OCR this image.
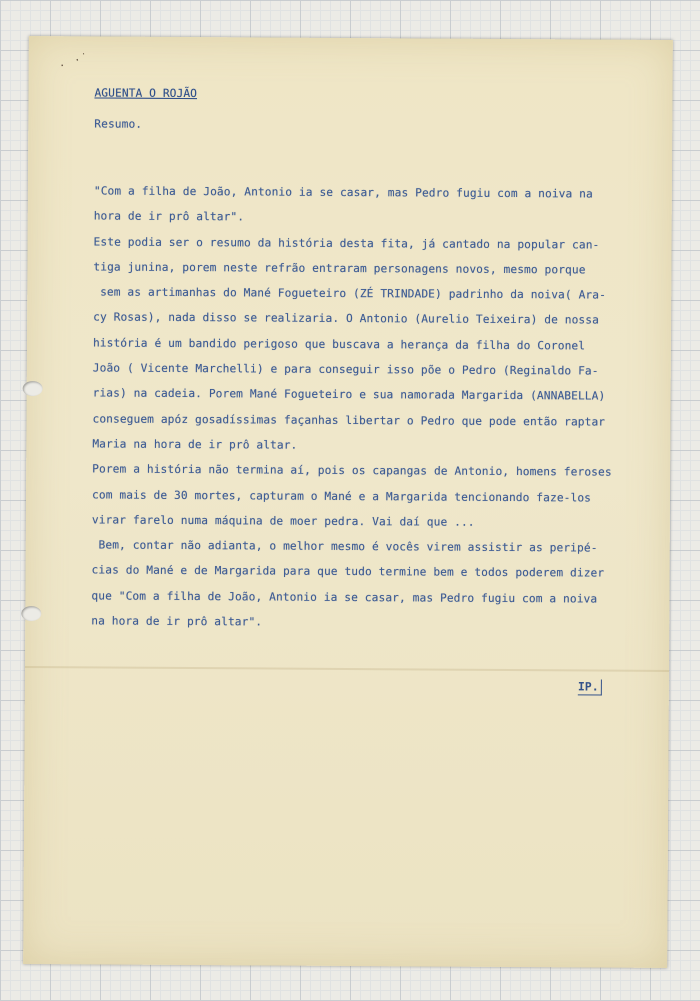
· ·˙
AGUENTA O ROJÃO
Resumo.
"Com a filha de João, Antonio ia se casar, mas Pedro fugiu com a noiva na
hora de ir prô altar".
Este podia ser o resumo da história desta fita, já cantado na popular can-
tiga junina, porem neste refrão entraram personagens novos, mesmo porque
sem as artimanhas do Mané Fogueteiro (ZÉ TRINDADE) padrinho da noiva( Ara-
cy Rosas), nada disso se realizaria. O Antonio (Aurelio Teixeira) de nossa
história é um bandido perigoso que buscava a herança da filha do Coronel
João ( Vicente Marchelli) e para conseguir isso põe o Pedro (Reginaldo Fa-
rias) na cadeia. Porem Mané Fogueteiro e sua namorada Margarida (ANNABELLA)
conseguem apóz gosadíssimas façanhas libertar o Pedro que pode então raptar
Maria na hora de ir prô altar.
Porem a história não termina aí, pois os capangas de Antonio, homens feroses
com mais de 30 mortes, capturam o Mané e a Margarida tencionando faze-los
virar farelo numa máquina de moer pedra. Vai daí que ...
Bem, contar não adianta, o melhor mesmo é vocês virem assistir as peripé-
cias do Mané e de Margarida para que tudo termine bem e todos poderem dizer
que "Com a filha de João, Antonio ia se casar, mas Pedro fugiu com a noiva
na hora de ir prô altar".
IP.
